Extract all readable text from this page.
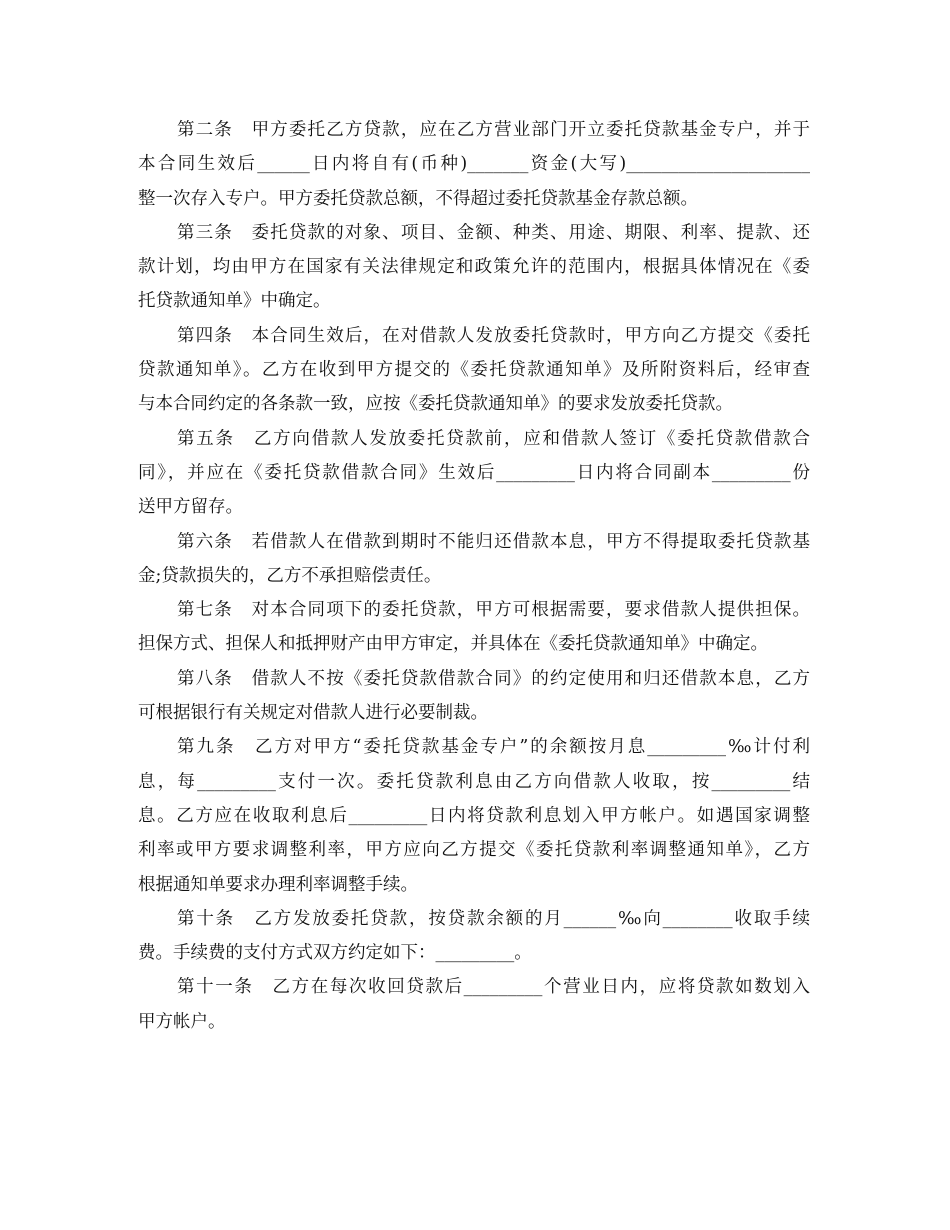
第二条　甲方委托乙方贷款，应在乙方营业部门开立委托贷款基金专户，并于
本合同生效后______日内将自有(币种)_______资金(大写)_____________________
整一次存入专户。甲方委托贷款总额，不得超过委托贷款基金存款总额。
第三条　委托贷款的对象、项目、金额、种类、用途、期限、利率、提款、还
款计划，均由甲方在国家有关法律规定和政策允许的范围内，根据具体情况在《委
托贷款通知单》中确定。
第四条　本合同生效后，在对借款人发放委托贷款时，甲方向乙方提交《委托
贷款通知单》。乙方在收到甲方提交的《委托贷款通知单》及所附资料后，经审查
与本合同约定的各条款一致，应按《委托贷款通知单》的要求发放委托贷款。
第五条　乙方向借款人发放委托贷款前，应和借款人签订《委托贷款借款合
同》，并应在《委托贷款借款合同》生效后_________日内将合同副本_________份
送甲方留存。
第六条　若借款人在借款到期时不能归还借款本息，甲方不得提取委托贷款基
金;贷款损失的，乙方不承担赔偿责任。
第七条　对本合同项下的委托贷款，甲方可根据需要，要求借款人提供担保。
担保方式、担保人和抵押财产由甲方审定，并具体在《委托贷款通知单》中确定。
第八条　借款人不按《委托贷款借款合同》的约定使用和归还借款本息，乙方
可根据银行有关规定对借款人进行必要制裁。
第九条　乙方对甲方“委托贷款基金专户”的余额按月息_________‰计付利
息，每_________支付一次。委托贷款利息由乙方向借款人收取，按_________结
息。乙方应在收取利息后_________日内将贷款利息划入甲方帐户。如遇国家调整
利率或甲方要求调整利率，甲方应向乙方提交《委托贷款利率调整通知单》，乙方
根据通知单要求办理利率调整手续。
第十条　乙方发放委托贷款，按贷款余额的月______‰向________收取手续
费。手续费的支付方式双方约定如下：_________。
第十一条　乙方在每次收回贷款后_________个营业日内，应将贷款如数划入
甲方帐户。
